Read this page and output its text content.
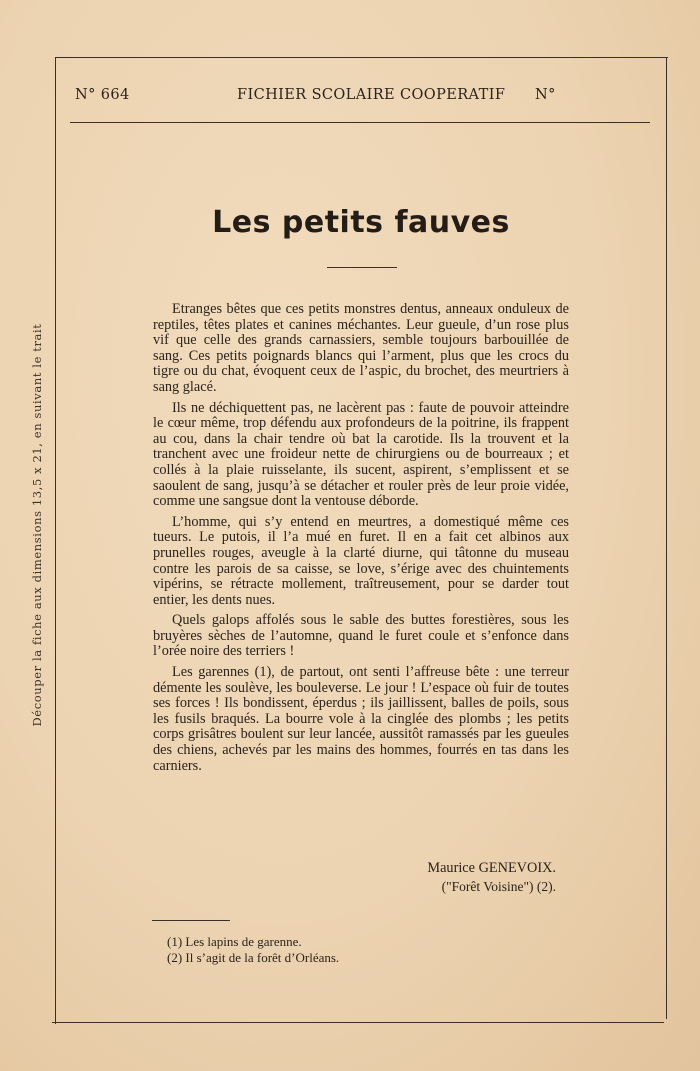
Découper la fiche aux dimensions 13,5 x 21, en suivant le trait
N° 664	FICHIER SCOLAIRE COOPERATIF N°
Les petits fauves

Etranges bêtes que ces petits monstres dentus, anneaux onduleux de reptiles, têtes plates et canines méchantes. Leur gueule, d’un rose plus vif que celle des grands carnassiers, semble toujours barbouillée de sang. Ces petits poignards blancs qui l’arment, plus que les crocs du tigre ou du chat, évoquent ceux de l’aspic, du brochet, des meurtriers à sang glacé.

Ils ne déchiquettent pas, ne lacèrent pas : faute de pouvoir atteindre le cœur même, trop défendu aux profondeurs de la poitrine, ils frappent au cou, dans la chair tendre où bat la carotide. Ils la trouvent et la tranchent avec une froideur nette de chirurgiens ou de bourreaux ; et collés à la plaie ruisselante, ils sucent, aspirent, s’emplissent et se saoulent de sang, jusqu’à se détacher et rouler près de leur proie vidée, comme une sangsue dont la ventouse déborde.

L’homme, qui s’y entend en meurtres, a domestiqué même ces tueurs. Le putois, il l’a mué en furet. Il en a fait cet albinos aux prunelles rouges, aveugle à la clarté diurne, qui tâtonne du museau contre les parois de sa caisse, se love, s’érige avec des chuintements vipérins, se rétracte mollement, traîtreusement, pour se darder tout entier, les dents nues.

Quels galops affolés sous le sable des buttes forestières, sous les bruyères sèches de l’automne, quand le furet coule et s’enfonce dans l’orée noire des terriers !

Les garennes (1), de partout, ont senti l’affreuse bête : une terreur démente les soulève, les bouleverse. Le jour ! L’espace où fuir de toutes ses forces ! Ils bondissent, éperdus ; ils jaillissent, balles de poils, sous les fusils braqués. La bourre vole à la cinglée des plombs ; les petits corps grisâtres boulent sur leur lancée, aussitôt ramassés par les gueules des chiens, achevés par les mains des hommes, fourrés en tas dans les carniers.

Maurice GENEVOIX.
("Forêt Voisine") (2).
(1) Les lapins de garenne.
(2) Il s’agit de la forêt d’Orléans.
